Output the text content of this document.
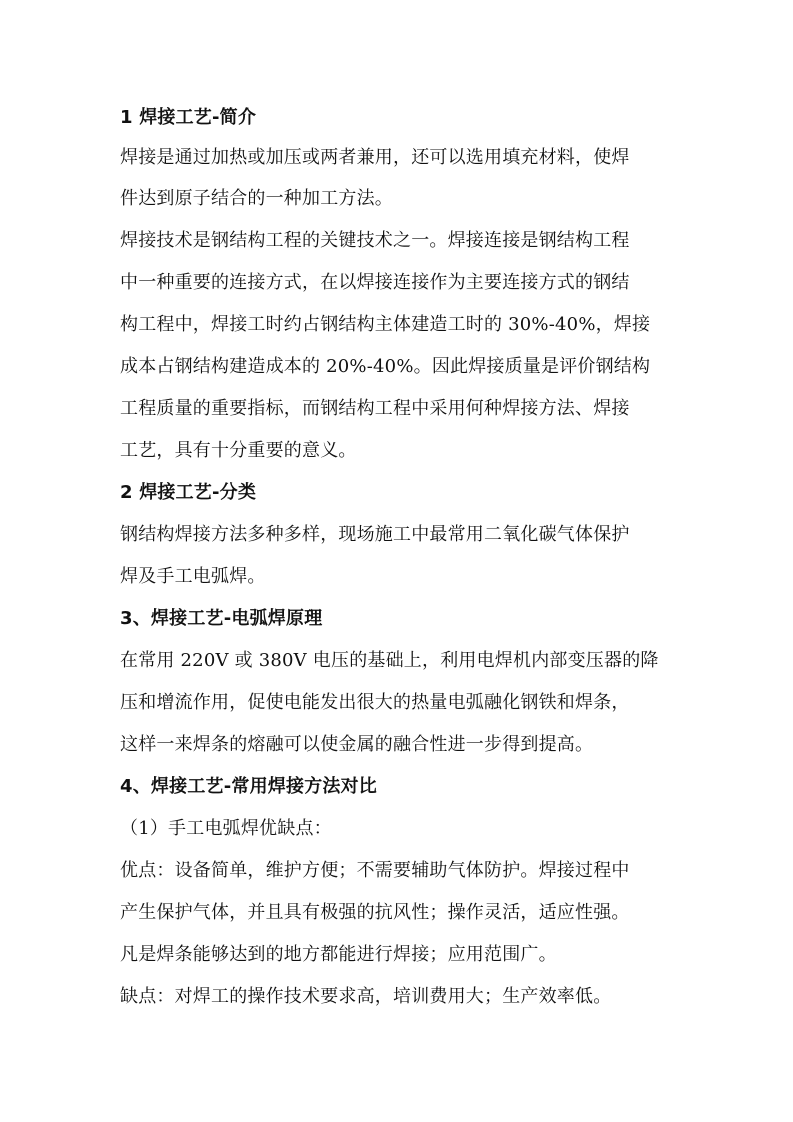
1 焊接工艺-简介
焊接是通过加热或加压或两者兼用，还可以选用填充材料，使焊
件达到原子结合的一种加工方法。
焊接技术是钢结构工程的关键技术之一。焊接连接是钢结构工程
中一种重要的连接方式，在以焊接连接作为主要连接方式的钢结
构工程中，焊接工时约占钢结构主体建造工时的 30%-40%，焊接
成本占钢结构建造成本的 20%-40%。因此焊接质量是评价钢结构
工程质量的重要指标，而钢结构工程中采用何种焊接方法、焊接
工艺，具有十分重要的意义。
2 焊接工艺-分类
钢结构焊接方法多种多样，现场施工中最常用二氧化碳气体保护
焊及手工电弧焊。
3、焊接工艺-电弧焊原理
在常用 220V 或 380V 电压的基础上，利用电焊机内部变压器的降
压和增流作用，促使电能发出很大的热量电弧融化钢铁和焊条，
这样一来焊条的熔融可以使金属的融合性进一步得到提高。
4、焊接工艺-常用焊接方法对比
（1）手工电弧焊优缺点：
优点：设备简单，维护方便；不需要辅助气体防护。焊接过程中
产生保护气体，并且具有极强的抗风性；操作灵活，适应性强。
凡是焊条能够达到的地方都能进行焊接；应用范围广。
缺点：对焊工的操作技术要求高，培训费用大；生产效率低。
